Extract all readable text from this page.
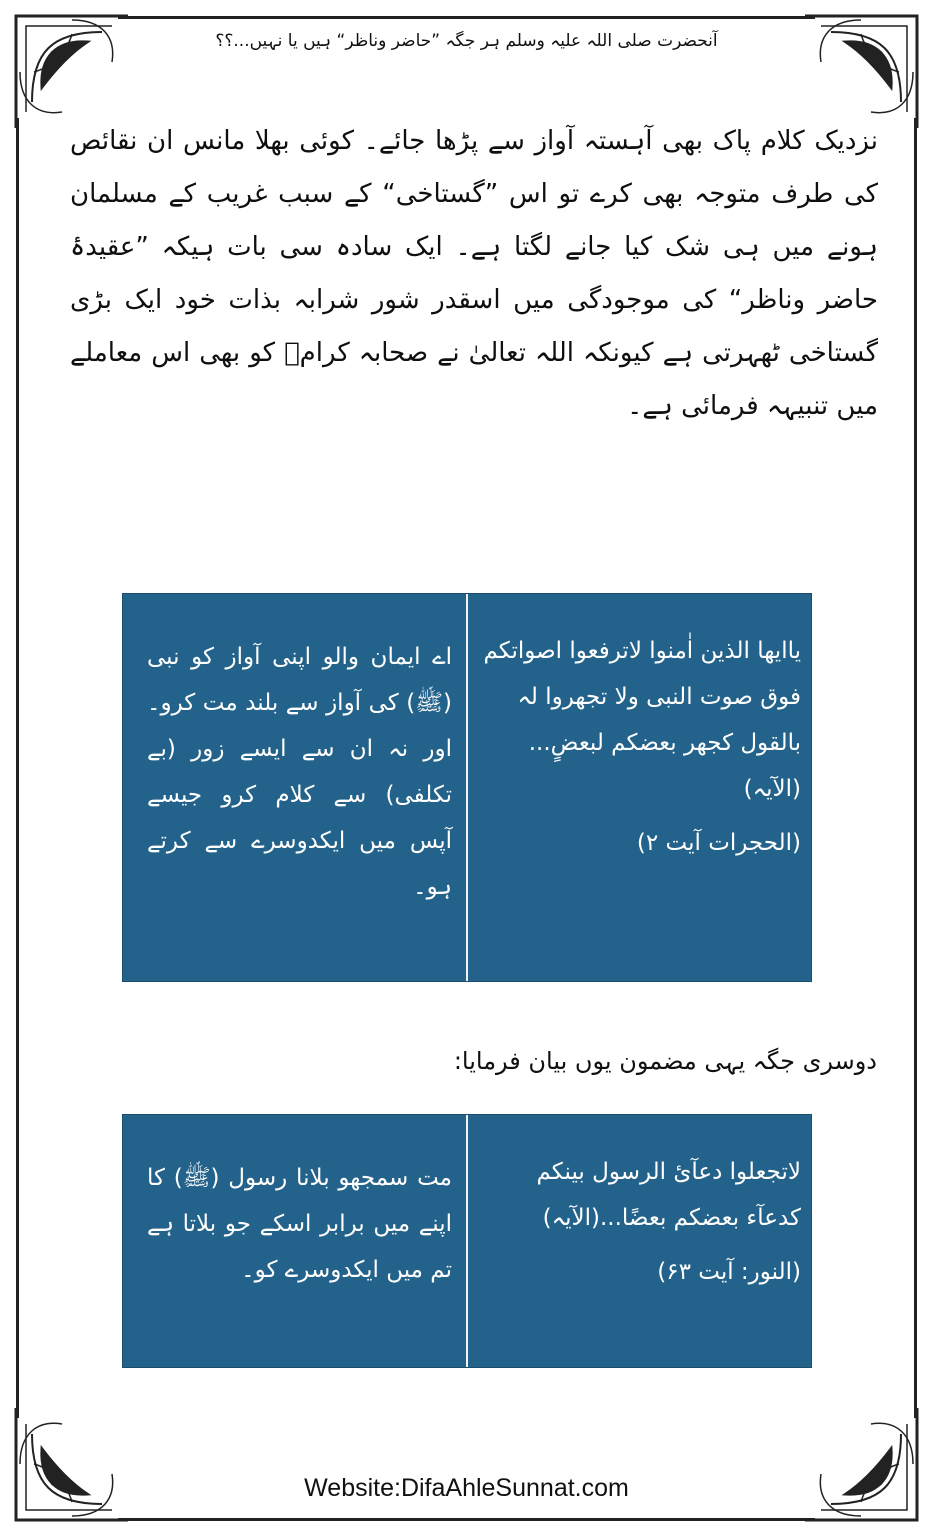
آنحضرت صلی اللہ علیہ وسلم ہر جگہ ”حاضر وناظر“ ہیں یا نہیں...؟؟
نزدیک کلام پاک بھی آہستہ آواز سے پڑھا جائے۔ کوئی بھلا مانس ان نقائص کی طرف متوجہ بھی کرے تو اس ”گستاخی“ کے سبب غریب کے مسلمان ہونے میں ہی شک کیا جانے لگتا ہے۔ ایک سادہ سی بات ہیکہ ”عقیدۂ حاضر وناظر“ کی موجودگی میں اسقدر شور شرابہ بذات خود ایک بڑی گستاخی ٹھہرتی ہے کیونکہ اللہ تعالیٰ نے صحابہ کرامؓ کو بھی اس معاملے میں تنبیہہ فرمائی ہے۔
یاایھا الذین اٰمنوا لاترفعوا اصواتکم فوق صوت النبی ولا تجھروا لہ بالقول کجھر بعضکم لبعضٍ...(الآیہ)
(الحجرات آیت ۲)
اے ایمان والو اپنی آواز کو نبی (ﷺ) کی آواز سے بلند مت کرو۔ اور نہ ان سے ایسے زور (بے تکلفی) سے کلام کرو جیسے آپس میں ایکدوسرے سے کرتے ہو۔
دوسری جگہ یہی مضمون یوں بیان فرمایا:
لاتجعلوا دعآئ الرسول بینکم کدعآء بعضکم بعضًا...(الآیہ)
(النور: آیت ۶۳)
مت سمجھو بلانا رسول (ﷺ) کا اپنے میں برابر اسکے جو بلاتا ہے تم میں ایکدوسرے کو۔
Website:DifaAhleSunnat.com
